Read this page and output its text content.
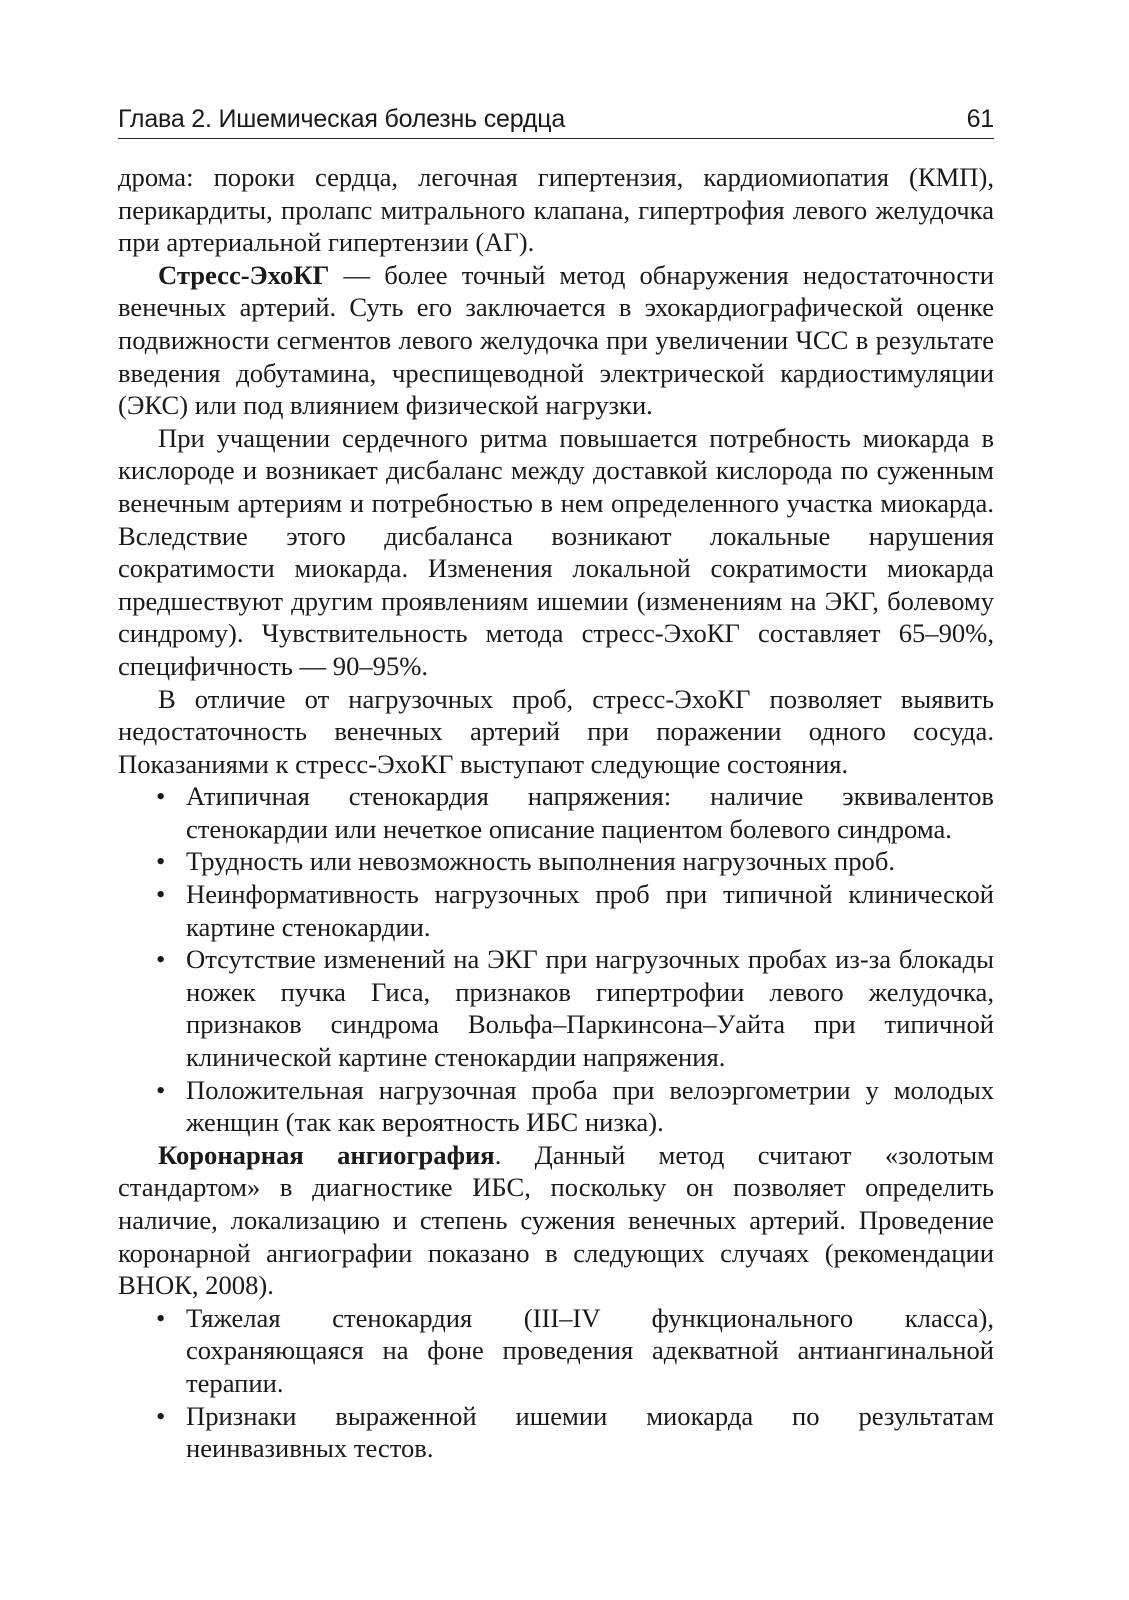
Глава 2. Ишемическая болезнь сердца	61

дрома: пороки сердца, легочная гипертензия, кардиомиопатия (КМП), перикардиты, пролапс митрального клапана, гипертрофия левого желудочка при артериальной гипертензии (АГ).

Стресс-ЭхоКГ — более точный метод обнаружения недостаточности венечных артерий. Суть его заключается в эхокардиографической оценке подвижности сегментов левого желудочка при увеличении ЧСС в результате введения добутамина, чреспищеводной электрической кардиостимуляции (ЭКС) или под влиянием физической нагрузки.

При учащении сердечного ритма повышается потребность миокарда в кислороде и возникает дисбаланс между доставкой кислорода по суженным венечным артериям и потребностью в нем определенного участка миокарда. Вследствие этого дисбаланса возникают локальные нарушения сократимости миокарда. Изменения локальной сократимости миокарда предшествуют другим проявлениям ишемии (изменениям на ЭКГ, болевому синдрому). Чувствительность метода стресс-ЭхоКГ составляет 65–90%, специфичность — 90–95%.

В отличие от нагрузочных проб, стресс-ЭхоКГ позволяет выявить недостаточность венечных артерий при поражении одного сосуда. Показаниями к стресс-ЭхоКГ выступают следующие состояния.

• Атипичная стенокардия напряжения: наличие эквивалентов стенокардии или нечеткое описание пациентом болевого синдрома.
• Трудность или невозможность выполнения нагрузочных проб.
• Неинформативность нагрузочных проб при типичной клинической картине стенокардии.
• Отсутствие изменений на ЭКГ при нагрузочных пробах из-за блокады ножек пучка Гиса, признаков гипертрофии левого желудочка, признаков синдрома Вольфа–Паркинсона–Уайта при типичной клинической картине стенокардии напряжения.
• Положительная нагрузочная проба при велоэргометрии у молодых женщин (так как вероятность ИБС низка).

Коронарная ангиография. Данный метод считают «золотым стандартом» в диагностике ИБС, поскольку он позволяет определить наличие, локализацию и степень сужения венечных артерий. Проведение коронарной ангиографии показано в следующих случаях (рекомендации ВНОК, 2008).

• Тяжелая стенокардия (III–IV функционального класса), сохраняющаяся на фоне проведения адекватной антиангинальной терапии.
• Признаки выраженной ишемии миокарда по результатам неинвазивных тестов.
